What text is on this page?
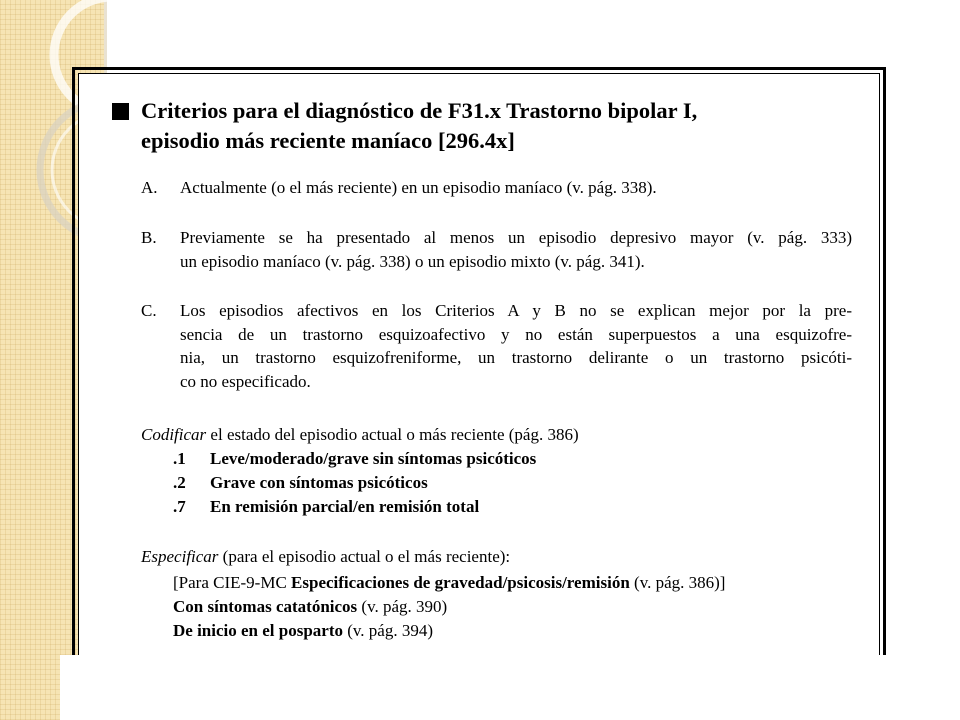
Criterios para el diagnóstico de F31.x Trastorno bipolar I,
episodio más reciente maníaco [296.4x]
A. Actualmente (o el más reciente) en un episodio maníaco (v. pág. 338).
B. Previamente se ha presentado al menos un episodio depresivo mayor (v. pág. 333)
un episodio maníaco (v. pág. 338) o un episodio mixto (v. pág. 341).
C. Los episodios afectivos en los Criterios A y B no se explican mejor por la pre-
sencia de un trastorno esquizoafectivo y no están superpuestos a una esquizofre-
nia, un trastorno esquizofreniforme, un trastorno delirante o un trastorno psicóti-
co no especificado.
Codificar el estado del episodio actual o más reciente (pág. 386)
.1 Leve/moderado/grave sin síntomas psicóticos
.2 Grave con síntomas psicóticos
.7 En remisión parcial/en remisión total
Especificar (para el episodio actual o el más reciente):
[Para CIE-9-MC Especificaciones de gravedad/psicosis/remisión (v. pág. 386)]
Con síntomas catatónicos (v. pág. 390)
De inicio en el posparto (v. pág. 394)
